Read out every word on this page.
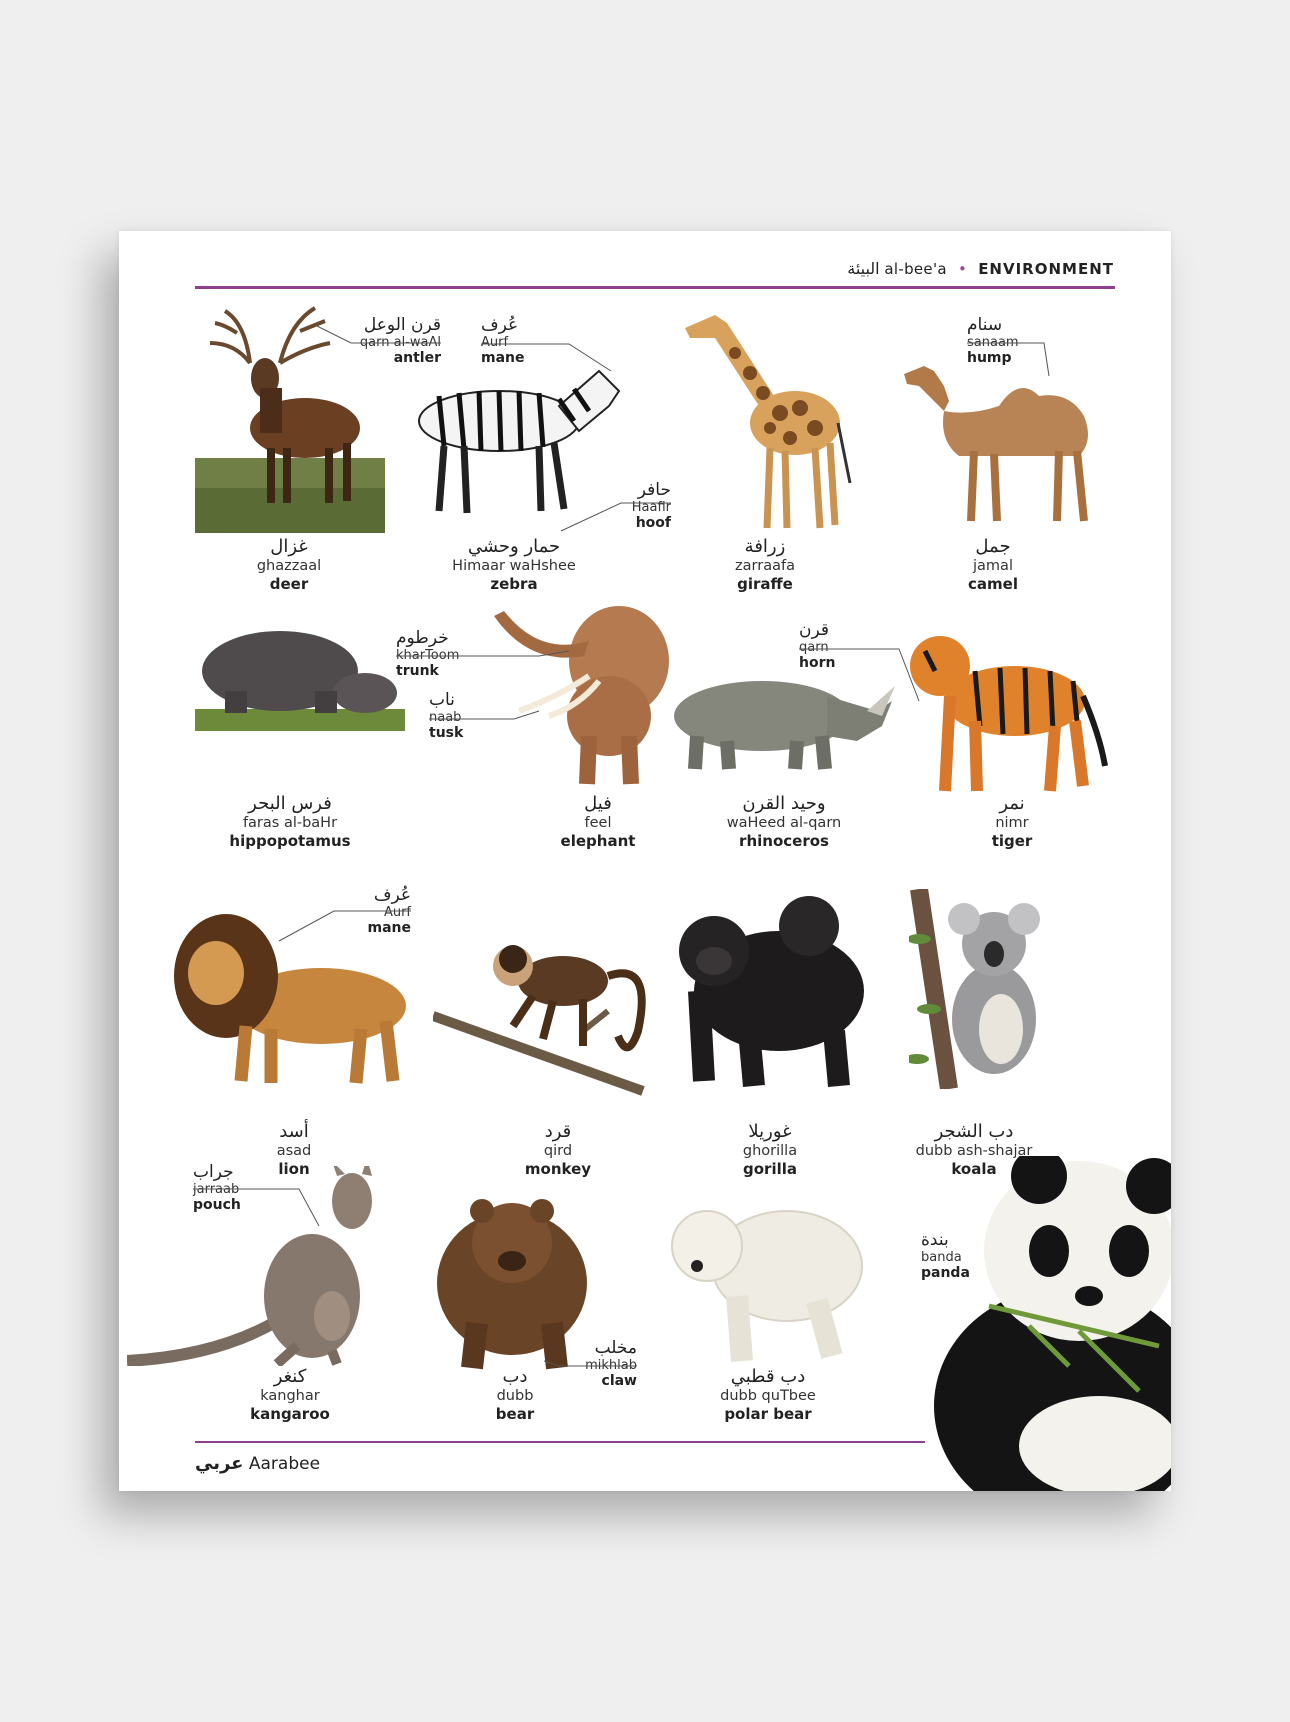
البيئة al-bee'a • ENVIRONMENT
غزال
ghazzaal
deer
قرن الوعل
qarn al-waAl
antler
حمار وحشي
Himaar waHshee
zebra
عُرف
Aurf
mane
حافر
Haafir
hoof
زرافة
zarraafa
giraffe
جمل
jamal
camel
سنام
sanaam
hump
فرس البحر
faras al-baHr
hippopotamus
فيل
feel
elephant
خرطوم
kharToom
trunk
ناب
naab
tusk
وحيد القرن
waHeed al-qarn
rhinoceros
قرن
qarn
horn
نمر
nimr
tiger
أسد
asad
lion
عُرف
Aurf
mane
قرد
qird
monkey
غوريلا
ghorilla
gorilla
دب الشجر
dubb ash-shajar
koala
كنغر
kanghar
kangaroo
جراب
jarraab
pouch
دب
dubb
bear
مخلب
mikhlab
claw	دب قطبي
dubb quTbee
polar bear
بندة
banda
panda
عربي Aarabee
